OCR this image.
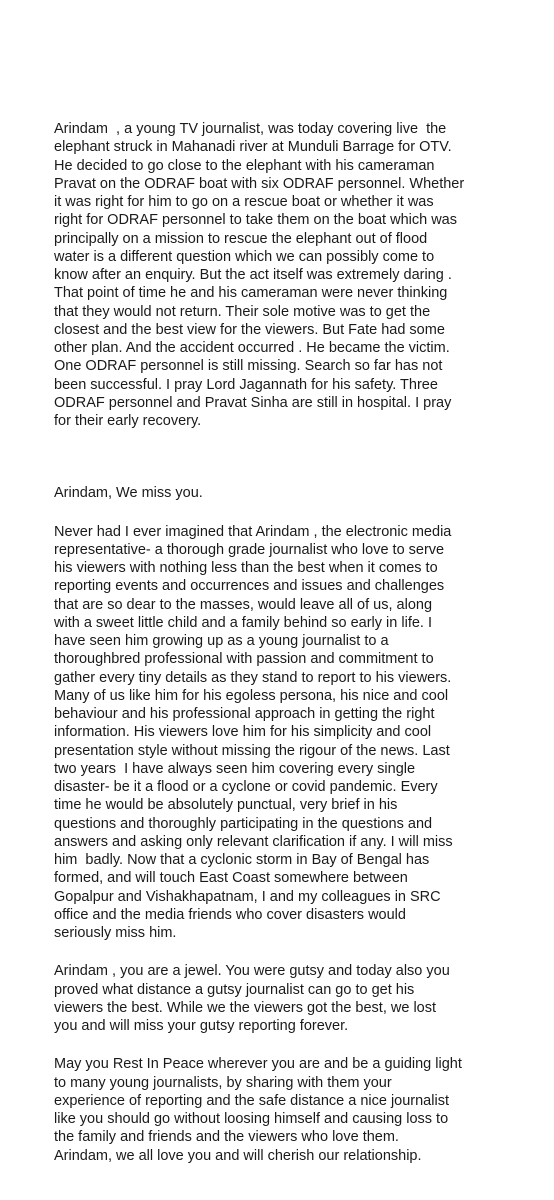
Arindam  , a young TV journalist, was today covering live  the
elephant struck in Mahanadi river at Munduli Barrage for OTV.
He decided to go close to the elephant with his cameraman
Pravat on the ODRAF boat with six ODRAF personnel. Whether
it was right for him to go on a rescue boat or whether it was
right for ODRAF personnel to take them on the boat which was
principally on a mission to rescue the elephant out of flood
water is a different question which we can possibly come to
know after an enquiry. But the act itself was extremely daring .
That point of time he and his cameraman were never thinking
that they would not return. Their sole motive was to get the
closest and the best view for the viewers. But Fate had some
other plan. And the accident occurred . He became the victim.
One ODRAF personnel is still missing. Search so far has not
been successful. I pray Lord Jagannath for his safety. Three
ODRAF personnel and Pravat Sinha are still in hospital. I pray
for their early recovery.

Arindam, We miss you.

Never had I ever imagined that Arindam , the electronic media
representative- a thorough grade journalist who love to serve
his viewers with nothing less than the best when it comes to
reporting events and occurrences and issues and challenges
that are so dear to the masses, would leave all of us, along
with a sweet little child and a family behind so early in life. I
have seen him growing up as a young journalist to a
thoroughbred professional with passion and commitment to
gather every tiny details as they stand to report to his viewers.
Many of us like him for his egoless persona, his nice and cool
behaviour and his professional approach in getting the right
information. His viewers love him for his simplicity and cool
presentation style without missing the rigour of the news. Last
two years  I have always seen him covering every single
disaster- be it a flood or a cyclone or covid pandemic. Every
time he would be absolutely punctual, very brief in his
questions and thoroughly participating in the questions and
answers and asking only relevant clarification if any. I will miss
him  badly. Now that a cyclonic storm in Bay of Bengal has
formed, and will touch East Coast somewhere between
Gopalpur and Vishakhapatnam, I and my colleagues in SRC
office and the media friends who cover disasters would
seriously miss him.

Arindam , you are a jewel. You were gutsy and today also you
proved what distance a gutsy journalist can go to get his
viewers the best. While we the viewers got the best, we lost
you and will miss your gutsy reporting forever.

May you Rest In Peace wherever you are and be a guiding light
to many young journalists, by sharing with them your
experience of reporting and the safe distance a nice journalist
like you should go without loosing himself and causing loss to
the family and friends and the viewers who love them.
Arindam, we all love you and will cherish our relationship.
